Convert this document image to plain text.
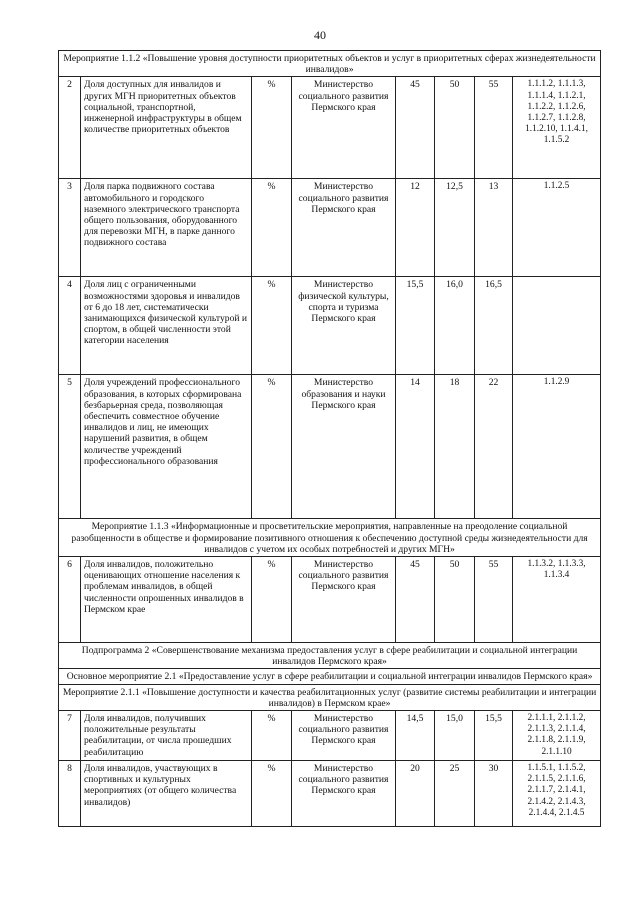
40
Мероприятие 1.1.2 «Повышение уровня доступности приоритетных объектов и услуг в приоритетных сферах жизнедеятельности инвалидов»							
2	Доля доступных для инвалидов и других МГН приоритетных объектов социальной, транспортной, инженерной инфраструктуры в общем количестве приоритетных объектов	%	Министерство социального развития Пермского края	45	50	55	1.1.1.2, 1.1.1.3, 1.1.1.4, 1.1.2.1, 1.1.2.2, 1.1.2.6, 1.1.2.7, 1.1.2.8, 1.1.2.10, 1.1.4.1, 1.1.5.2
3	Доля парка подвижного состава автомобильного и городского наземного электрического транспорта общего пользования, оборудованного для перевозки МГН, в парке данного подвижного состава	%	Министерство социального развития Пермского края	12	12,5	13	1.1.2.5
4	Доля лиц с ограниченными возможностями здоровья и инвалидов от 6 до 18 лет, систематически занимающихся физической культурой и спортом, в общей численности этой категории населения	%	Министерство физической культуры, спорта и туризма Пермского края	15,5	16,0	16,5	
5	Доля учреждений профессионального образования, в которых сформирована безбарьерная среда, позволяющая обеспечить совместное обучение инвалидов и лиц, не имеющих нарушений развития, в общем количестве учреждений профессионального образования	%	Министерство образования и науки Пермского края	14	18	22	1.1.2.9
Мероприятие 1.1.3 «Информационные и просветительские мероприятия, направленные на преодоление социальной разобщенности в обществе и формирование позитивного отношения к обеспечению доступной среды жизнедеятельности для инвалидов с учетом их особых потребностей и других МГН»							
6	Доля инвалидов, положительно оценивающих отношение населения к проблемам инвалидов, в общей численности опрошенных инвалидов в Пермском крае	%	Министерство социального развития Пермского края	45	50	55	1.1.3.2, 1.1.3.3, 1.1.3.4
Подпрограмма 2 «Совершенствование механизма предоставления услуг в сфере реабилитации и социальной интеграции инвалидов Пермского края»							
Основное мероприятие 2.1 «Предоставление услуг в сфере реабилитации и социальной интеграции инвалидов Пермского края»							
Мероприятие 2.1.1 «Повышение доступности и качества реабилитационных услуг (развитие системы реабилитации и интеграции инвалидов) в Пермском крае»							
7	Доля инвалидов, получивших положительные результаты реабилитации, от числа прошедших реабилитацию	%	Министерство социального развития Пермского края	14,5	15,0	15,5	2.1.1.1, 2.1.1.2, 2.1.1.3, 2.1.1.4, 2.1.1.8, 2.1.1.9, 2.1.1.10
8	Доля инвалидов, участвующих в спортивных и культурных мероприятиях (от общего количества инвалидов)	%	Министерство социального развития Пермского края	20	25	30	1.1.5.1, 1.1.5.2, 2.1.1.5, 2.1.1.6, 2.1.1.7, 2.1.4.1, 2.1.4.2, 2.1.4.3, 2.1.4.4, 2.1.4.5
